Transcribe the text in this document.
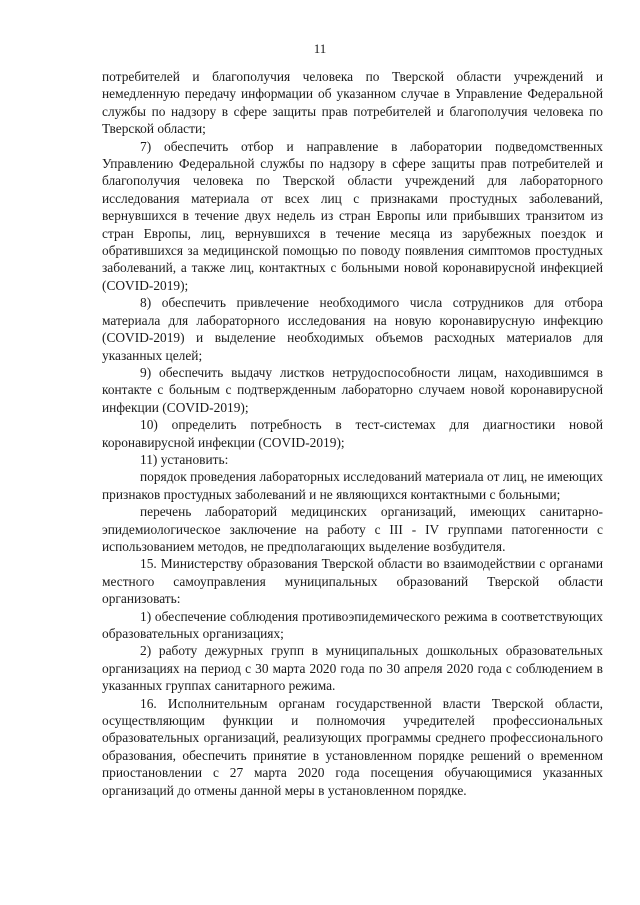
11

потребителей и благополучия человека по Тверской области учреждений и немедленную передачу информации об указанном случае в Управление Федеральной службы по надзору в сфере защиты прав потребителей и благополучия человека по Тверской области;

7) обеспечить отбор и направление в лаборатории подведомственных Управлению Федеральной службы по надзору в сфере защиты прав потребителей и благополучия человека по Тверской области учреждений для лабораторного исследования материала от всех лиц с признаками простудных заболеваний, вернувшихся в течение двух недель из стран Европы или прибывших транзитом из стран Европы, лиц, вернувшихся в течение месяца из зарубежных поездок и обратившихся за медицинской помощью по поводу появления симптомов простудных заболеваний, а также лиц, контактных с больными новой коронавирусной инфекцией (COVID-2019);

8) обеспечить привлечение необходимого числа сотрудников для отбора материала для лабораторного исследования на новую коронавирусную инфекцию (COVID-2019) и выделение необходимых объемов расходных материалов для указанных целей;

9) обеспечить выдачу листков нетрудоспособности лицам, находившимся в контакте с больным с подтвержденным лабораторно случаем новой коронавирусной инфекции (COVID-2019);

10) определить потребность в тест-системах для диагностики новой коронавирусной инфекции (COVID-2019);

11) установить:

порядок проведения лабораторных исследований материала от лиц, не имеющих признаков простудных заболеваний и не являющихся контактными с больными;

перечень лабораторий медицинских организаций, имеющих санитарно-эпидемиологическое заключение на работу с III - IV группами патогенности с использованием методов, не предполагающих выделение возбудителя.

15. Министерству образования Тверской области во взаимодействии с органами местного самоуправления муниципальных образований Тверской области организовать:

1) обеспечение соблюдения противоэпидемического режима в соответствующих образовательных организациях;

2) работу дежурных групп в муниципальных дошкольных образовательных организациях на период с 30 марта 2020 года по 30 апреля 2020 года с соблюдением в указанных группах санитарного режима.

16. Исполнительным органам государственной власти Тверской области, осуществляющим функции и полномочия учредителей профессиональных образовательных организаций, реализующих программы среднего профессионального образования, обеспечить принятие в установленном порядке решений о временном приостановлении с 27 марта 2020 года посещения обучающимися указанных организаций до отмены данной меры в установленном порядке.
